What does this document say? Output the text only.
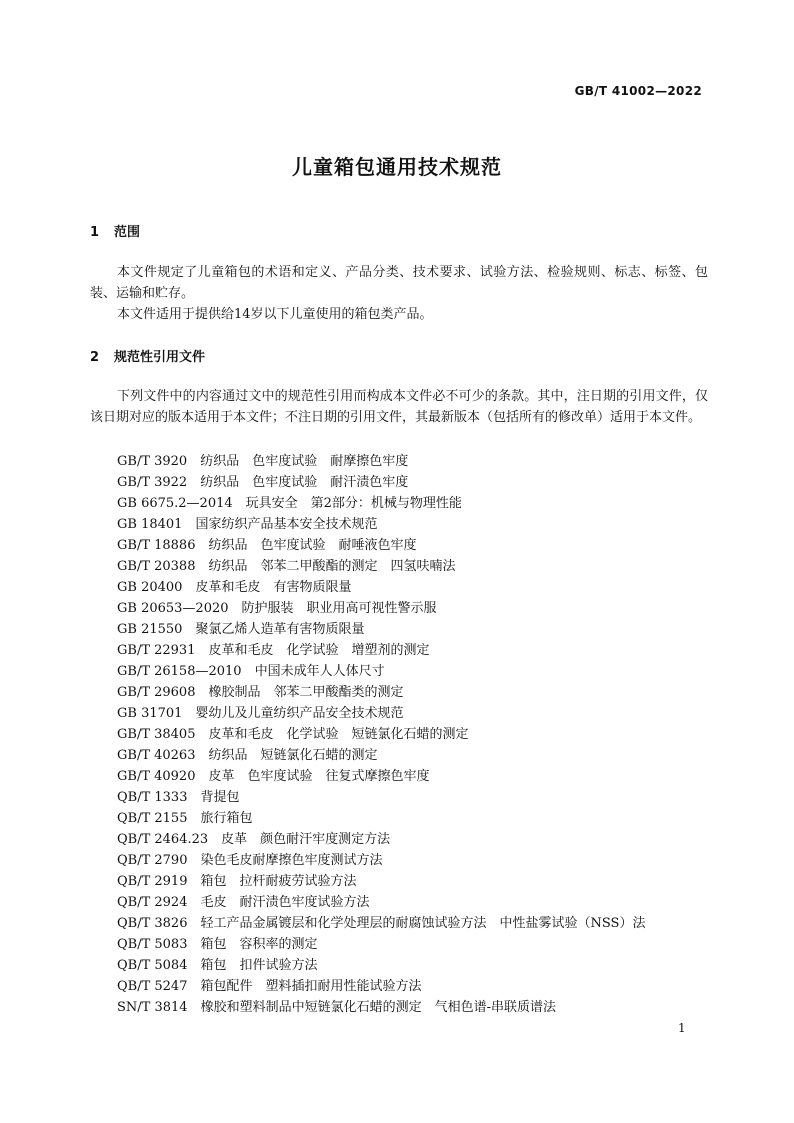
GB/T 41002—2022
儿童箱包通用技术规范
1 范围
本文件规定了儿童箱包的术语和定义、产品分类、技术要求、试验方法、检验规则、标志、标签、包装、运输和贮存。
本文件适用于提供给14岁以下儿童使用的箱包类产品。
2 规范性引用文件
下列文件中的内容通过文中的规范性引用而构成本文件必不可少的条款。其中，注日期的引用文件，仅该日期对应的版本适用于本文件；不注日期的引用文件，其最新版本（包括所有的修改单）适用于本文件。
GB/T 3920 纺织品　色牢度试验　耐摩擦色牢度
GB/T 3922 纺织品　色牢度试验　耐汗渍色牢度
GB 6675.2—2014 玩具安全　第2部分：机械与物理性能
GB 18401 国家纺织产品基本安全技术规范
GB/T 18886 纺织品　色牢度试验　耐唾液色牢度
GB/T 20388 纺织品　邻苯二甲酸酯的测定　四氢呋喃法
GB 20400 皮革和毛皮　有害物质限量
GB 20653—2020 防护服装　职业用高可视性警示服
GB 21550 聚氯乙烯人造革有害物质限量
GB/T 22931 皮革和毛皮　化学试验　增塑剂的测定
GB/T 26158—2010 中国未成年人人体尺寸
GB/T 29608 橡胶制品　邻苯二甲酸酯类的测定
GB 31701 婴幼儿及儿童纺织产品安全技术规范
GB/T 38405 皮革和毛皮　化学试验　短链氯化石蜡的测定
GB/T 40263 纺织品　短链氯化石蜡的测定
GB/T 40920 皮革　色牢度试验　往复式摩擦色牢度
QB/T 1333 背提包
QB/T 2155 旅行箱包
QB/T 2464.23 皮革　颜色耐汗牢度测定方法
QB/T 2790 染色毛皮耐摩擦色牢度测试方法
QB/T 2919 箱包　拉杆耐疲劳试验方法
QB/T 2924 毛皮　耐汗渍色牢度试验方法
QB/T 3826 轻工产品金属镀层和化学处理层的耐腐蚀试验方法　中性盐雾试验（NSS）法
QB/T 5083 箱包　容积率的测定
QB/T 5084 箱包　扣件试验方法
QB/T 5247 箱包配件　塑料插扣耐用性能试验方法
SN/T 3814 橡胶和塑料制品中短链氯化石蜡的测定　气相色谱-串联质谱法
1
